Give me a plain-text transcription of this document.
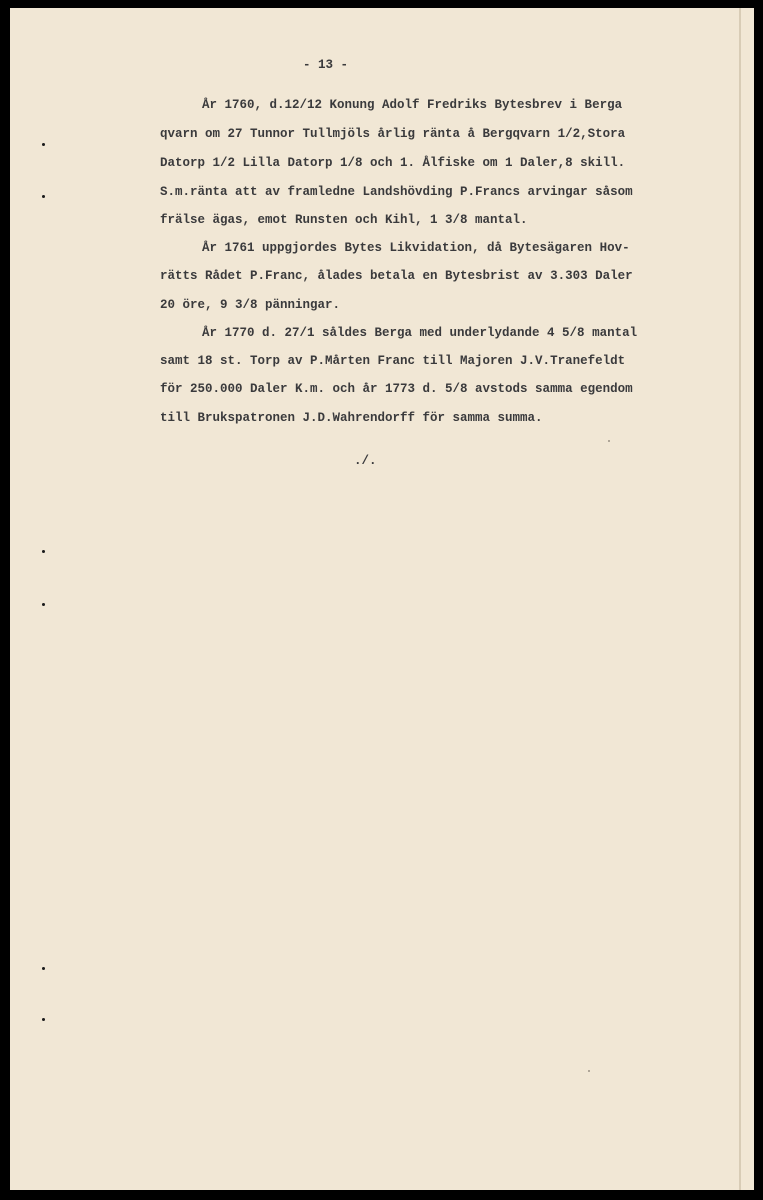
- 13 -
År 1760, d.12/12 Konung Adolf Fredriks Bytesbrev i Berga
qvarn om 27 Tunnor Tullmjöls årlig ränta å Bergqvarn 1/2,Stora
Datorp 1/2 Lilla Datorp 1/8 och 1. Ålfiske om 1 Daler,8 skill.
S.m.ränta att av framledne Landshövding P.Francs arvingar såsom
frälse ägas, emot Runsten och Kihl, 1 3/8 mantal.
År 1761 uppgjordes Bytes Likvidation, då Bytesägaren Hov-
rätts Rådet P.Franc, ålades betala en Bytesbrist av 3.303 Daler
20 öre, 9 3/8 pänningar.
År 1770 d. 27/1 såldes Berga med underlydande 4 5/8 mantal
samt 18 st. Torp av P.Mårten Franc till Majoren J.V.Tranefeldt
för 250.000 Daler K.m. och år 1773 d. 5/8 avstods samma egendom
till Brukspatronen J.D.Wahrendorff för samma summa.
./.
